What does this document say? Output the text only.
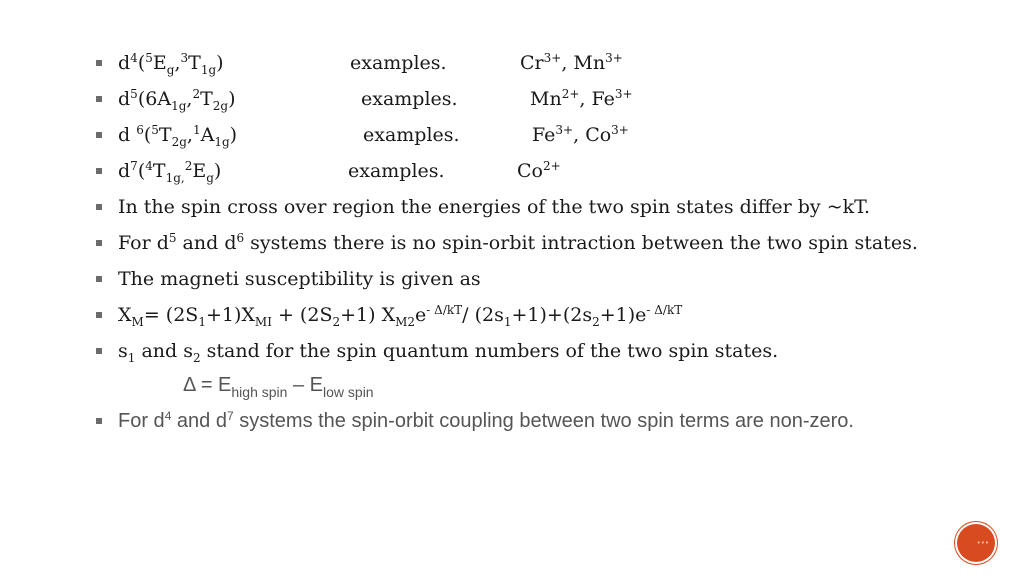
$d^4(^5E_g,^3T_{1g})$	examples.	$Cr^{3+}$, $Mn^{3+}$
$d^5(6A_{1g},^2T_{2g})$	examples.	$Mn^{2+}$, $Fe^{3+}$
d $^6(^5T_{2g},^1A_{1g})$	examples.	$Fe^{3+}$, $Co^{3+}$
$d^7(^4T_{1g,}^2E_g)$	examples.	$Co^{2+}$
In the spin cross over region the energies of the two spin states differ by ~kT.
For $d^5$ and $d^6$ systems there is no spin-orbit intraction between the two spin states.
The magneti susceptibility is given as
$X_M= (2S_1+1)X_{MI} + (2S_2+1)$ $X_{M2}e^{- \Delta/kT}/$ $(2s_1+1)+(2s_2+1)e^{- \Delta/kT}$
$s_1$ and $s_2$ stand for the spin quantum numbers of the two spin states.
$\Delta = E_{high spin} - E_{low spin}$
For $d^4$ and $d^7$ systems the spin-orbit coupling between two spin terms are non-zero.
•••
